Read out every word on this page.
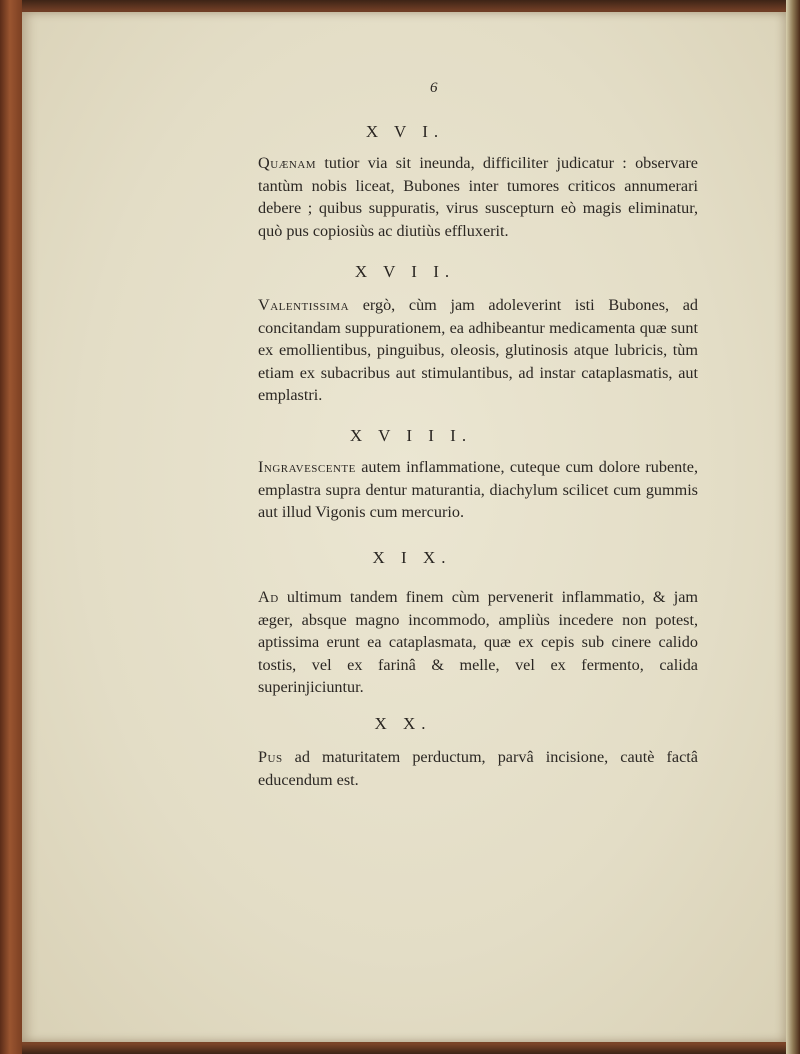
6
X V I.
Quænam tutior via sit ineunda, difficiliter judicatur : observare tantùm nobis liceat, Bubones inter tumores criticos annumerari debere ; quibus suppuratis, virus suscepturn eò magis eliminatur, quò pus copiosiùs ac diutiùs effluxerit.
X V I I.
Valentissima ergò, cùm jam adoleverint isti Bubones, ad concitandam suppurationem, ea adhibeantur medicamenta quæ sunt ex emollientibus, pinguibus, oleosis, glutinosis atque lubricis, tùm etiam ex subacribus aut stimulantibus, ad instar cataplasmatis, aut emplastri.
X V I I I.
Ingravescente autem inflammatione, cuteque cum dolore rubente, emplastra supra dentur maturantia, diachylum scilicet cum gummis aut illud Vigonis cum mercurio.
X I X.
Ad ultimum tandem finem cùm pervenerit inflammatio, & jam æger, absque magno incommodo, ampliùs incedere non potest, aptissima erunt ea cataplasmata, quæ ex cepis sub cinere calido tostis, vel ex farinâ & melle, vel ex fermento, calida superinjiciuntur.
X X.
Pus ad maturitatem perductum, parvâ incisione, cautè factâ educendum est.
